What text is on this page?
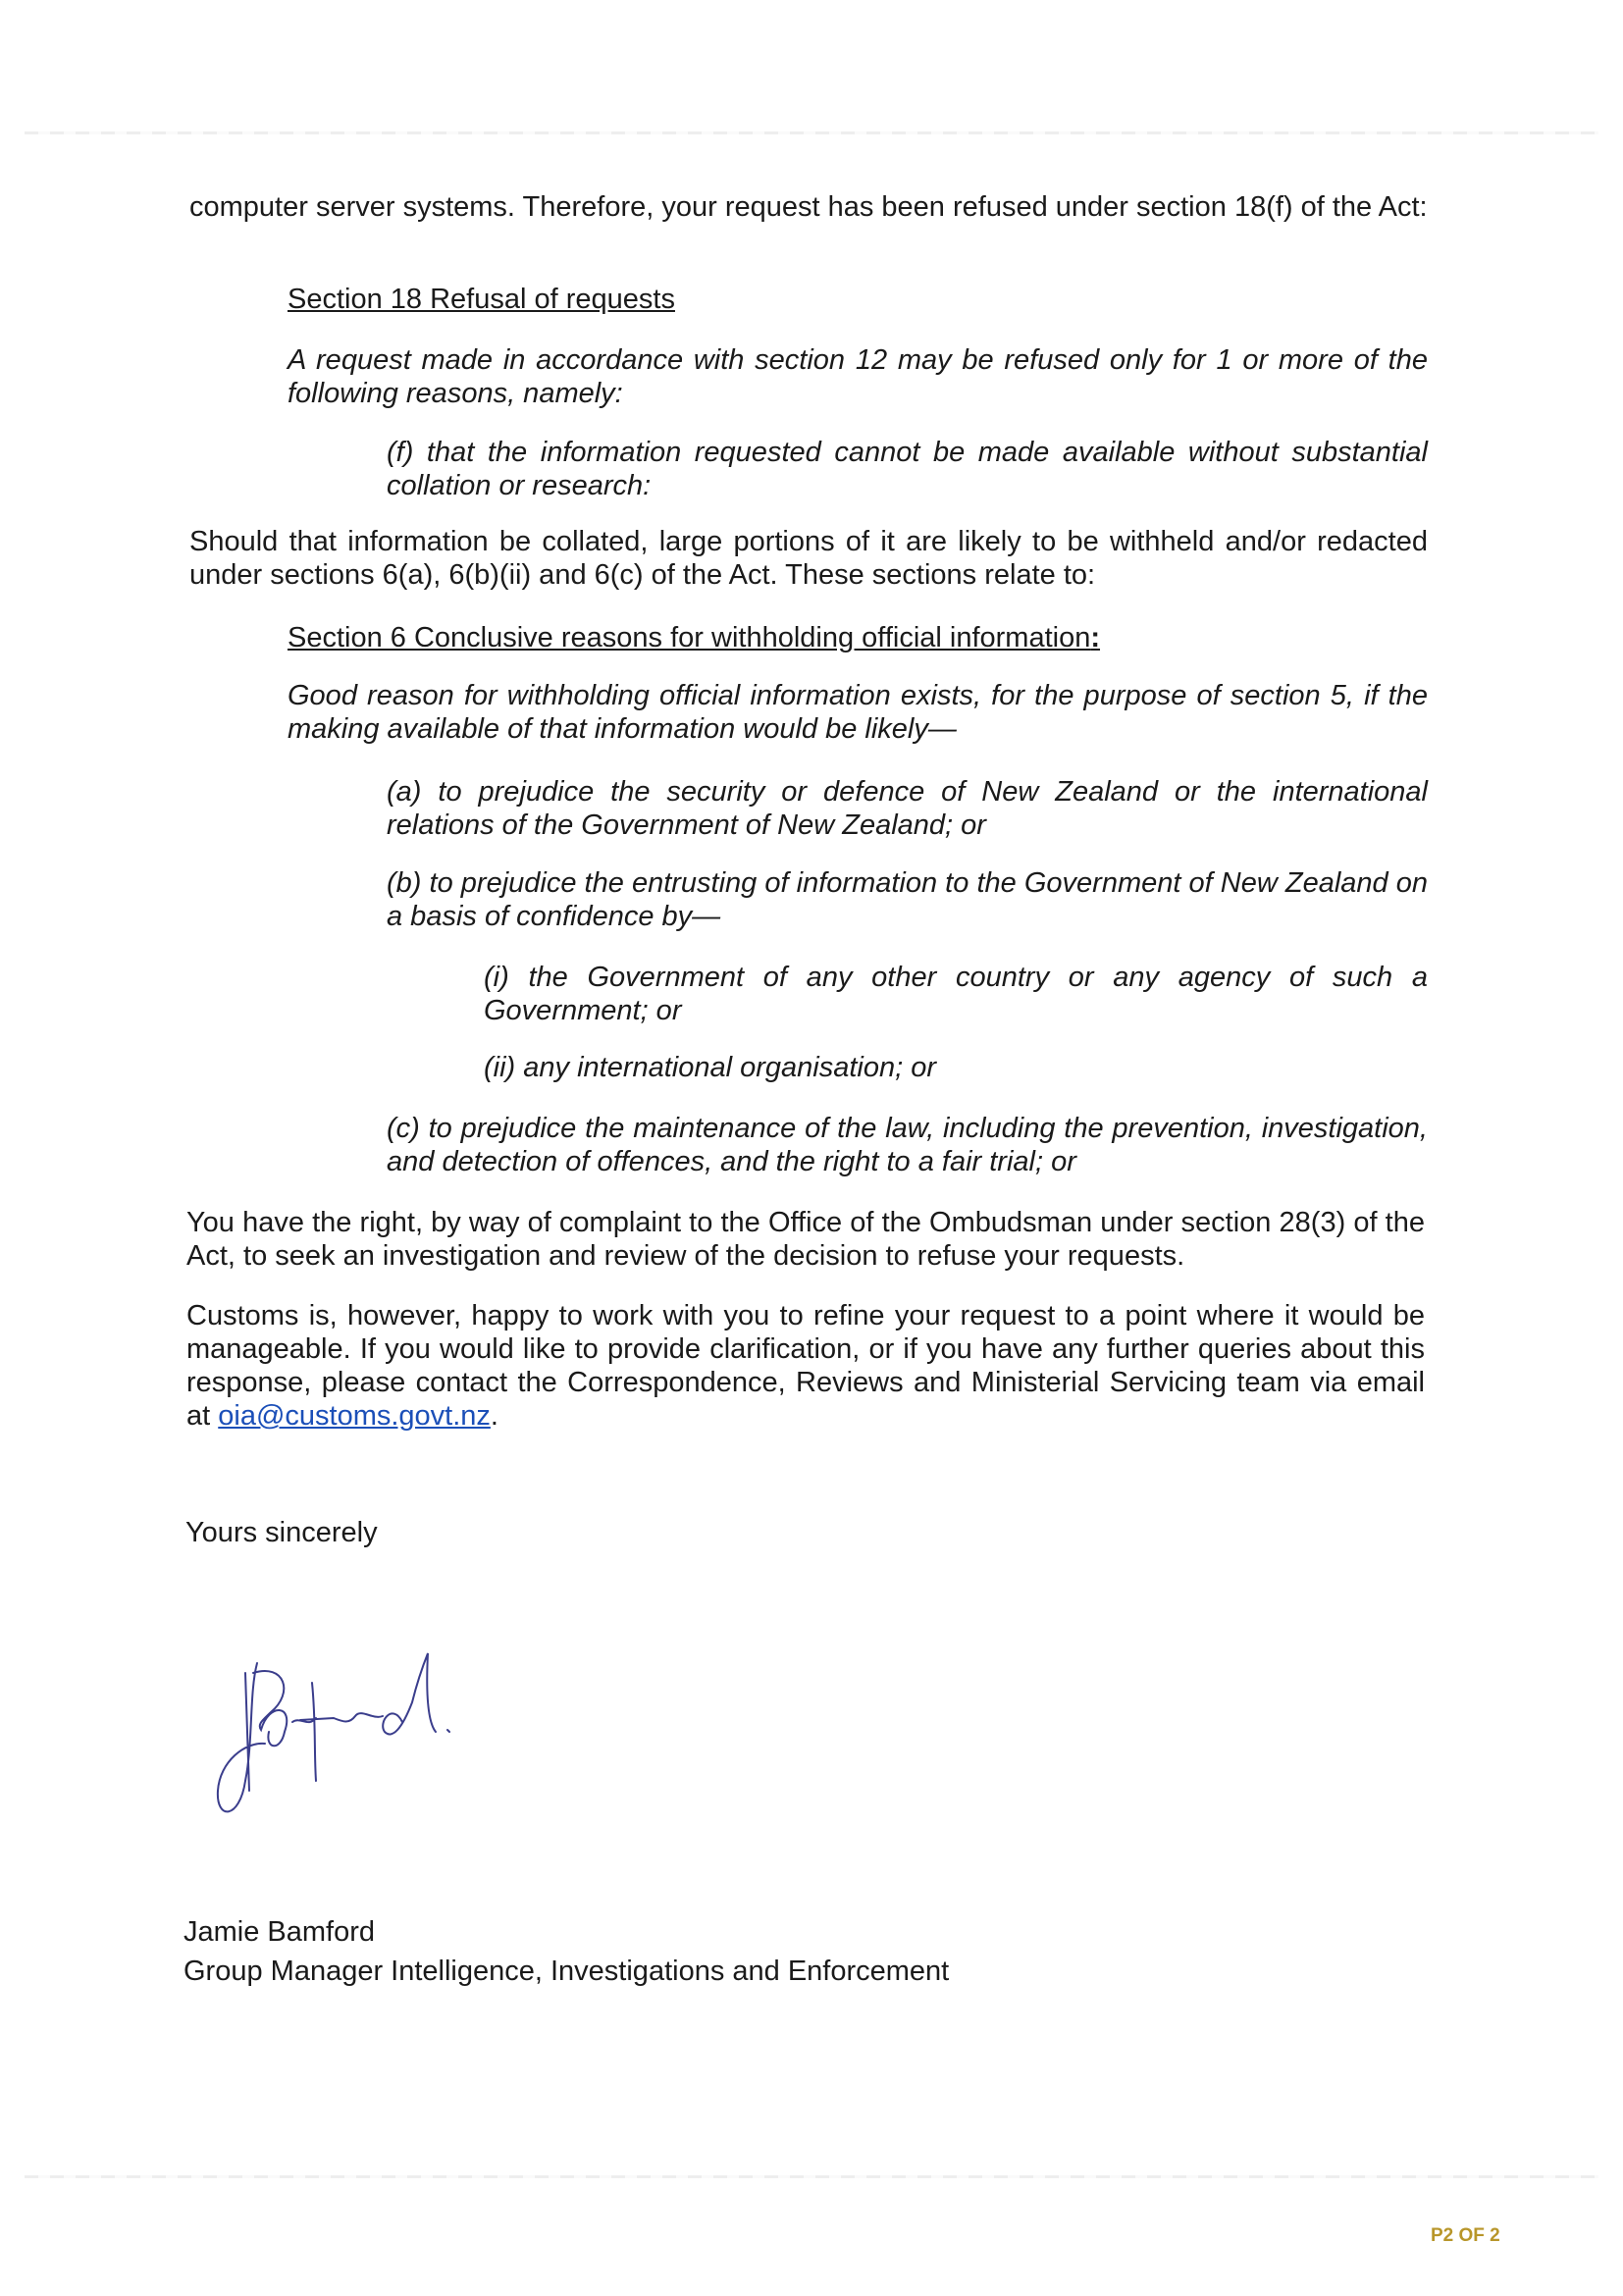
computer server systems. Therefore, your request has been refused under section 18(f) of the Act:

Section 18 Refusal of requests

A request made in accordance with section 12 may be refused only for 1 or more of the following reasons, namely:

(f) that the information requested cannot be made available without substantial collation or research:

Should that information be collated, large portions of it are likely to be withheld and/or redacted under sections 6(a), 6(b)(ii) and 6(c) of the Act. These sections relate to:

Section 6 Conclusive reasons for withholding official information:

Good reason for withholding official information exists, for the purpose of section 5, if the making available of that information would be likely—

(a) to prejudice the security or defence of New Zealand or the international relations of the Government of New Zealand; or

(b) to prejudice the entrusting of information to the Government of New Zealand on a basis of confidence by—

(i) the Government of any other country or any agency of such a Government; or

(ii) any international organisation; or

(c) to prejudice the maintenance of the law, including the prevention, investigation, and detection of offences, and the right to a fair trial; or

You have the right, by way of complaint to the Office of the Ombudsman under section 28(3) of the Act, to seek an investigation and review of the decision to refuse your requests.

Customs is, however, happy to work with you to refine your request to a point where it would be manageable. If you would like to provide clarification, or if you have any further queries about this response, please contact the Correspondence, Reviews and Ministerial Servicing team via email at oia@customs.govt.nz.

Yours sincerely

Jamie Bamford

Group Manager Intelligence, Investigations and Enforcement

P2 OF 2
